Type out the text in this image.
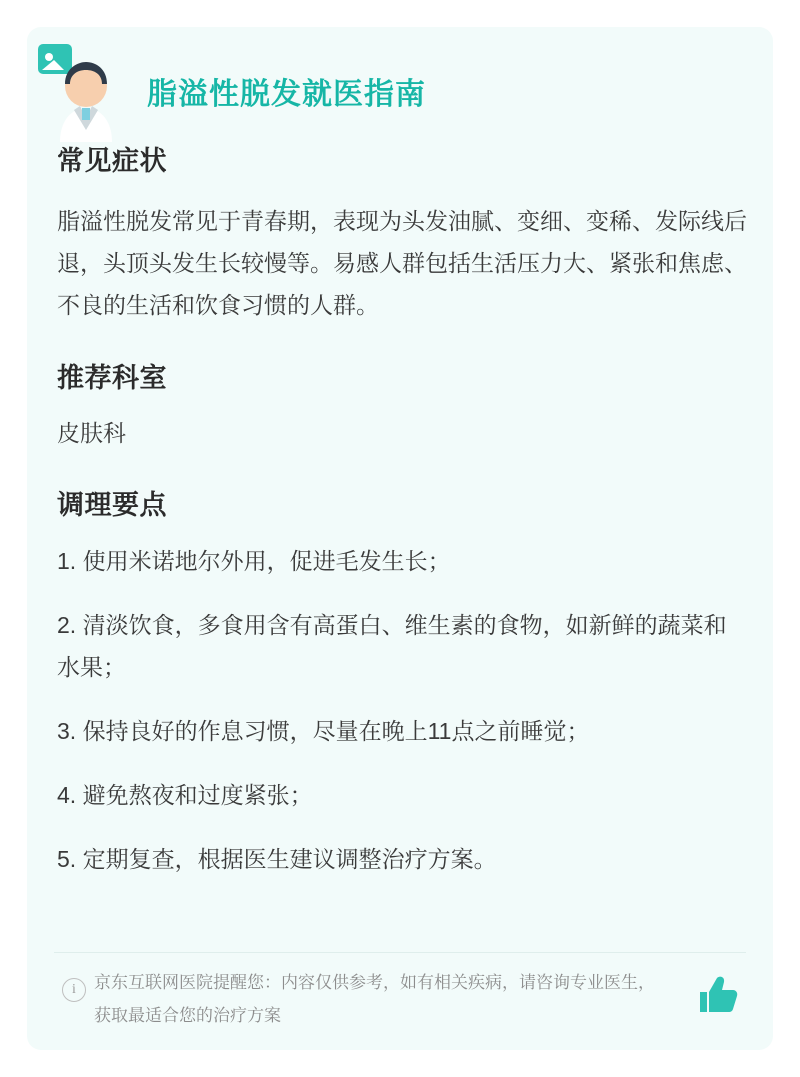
脂溢性脱发就医指南
常见症状

脂溢性脱发常见于青春期，表现为头发油腻、变细、变稀、发际线后退，头顶头发生长较慢等。易感人群包括生活压力大、紧张和焦虑、不良的生活和饮食习惯的人群。

推荐科室

皮肤科

调理要点
1. 使用米诺地尔外用，促进毛发生长；
2. 清淡饮食，多食用含有高蛋白、维生素的食物，如新鲜的蔬菜和水果；
3. 保持良好的作息习惯，尽量在晚上11点之前睡觉；
4. 避免熬夜和过度紧张；
5. 定期复查，根据医生建议调整治疗方案。
i	京东互联网医院提醒您：内容仅供参考，如有相关疾病，请咨询专业医生，获取最适合您的治疗方案
